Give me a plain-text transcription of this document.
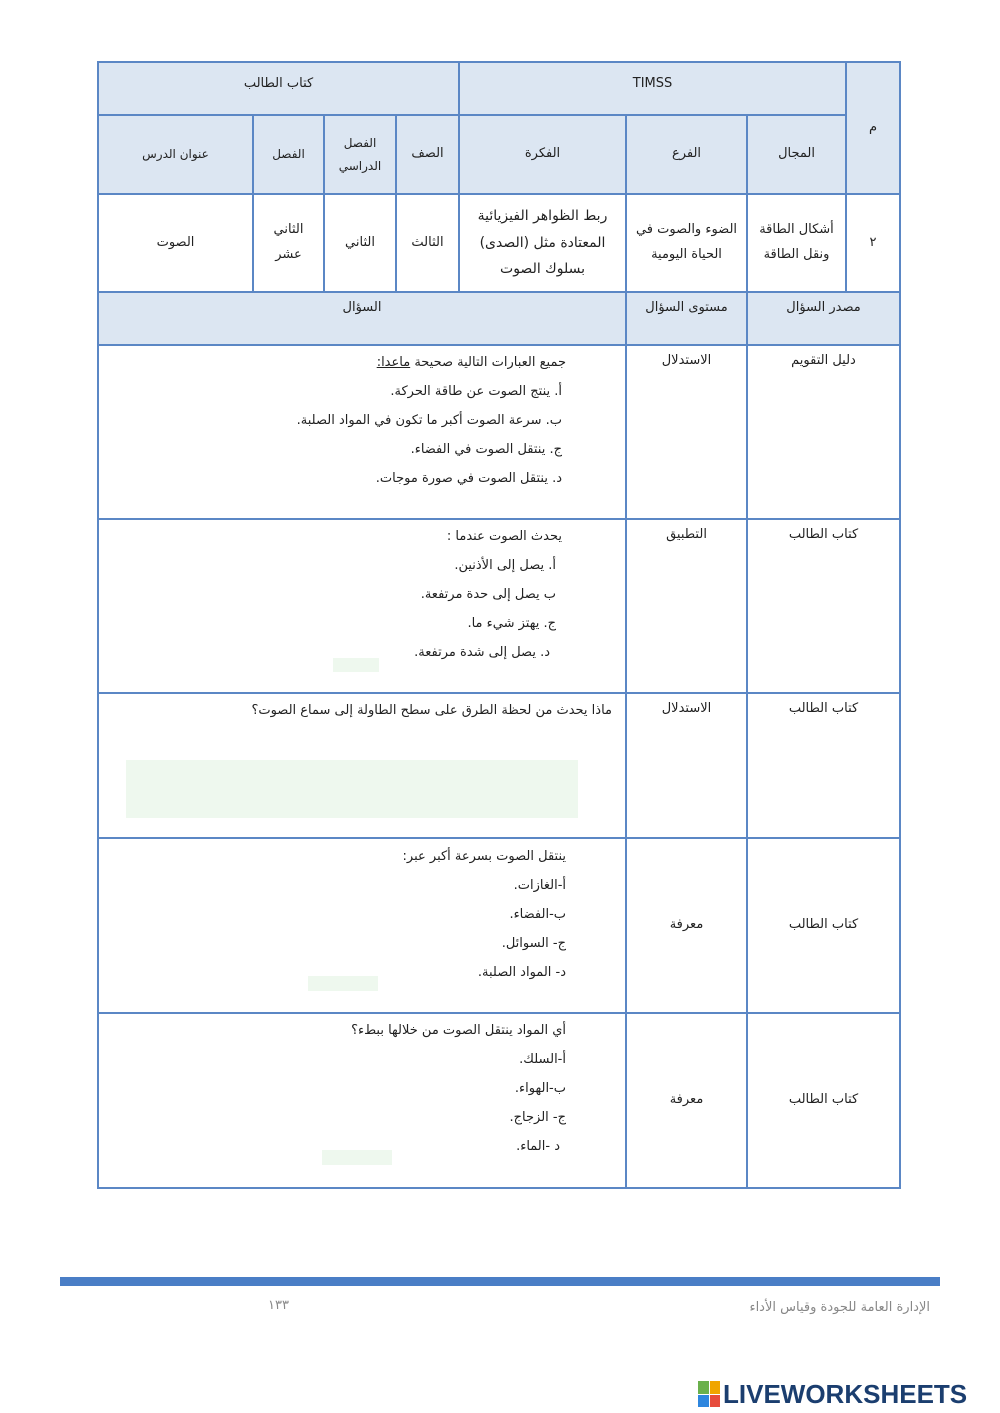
م
TIMSS
كتاب الطالب
المجال
الفرع
الفكرة
الصف
الفصل الدراسي
الفصل
عنوان الدرس
٢
أشكال الطاقة ونقل الطاقة
الضوء والصوت في الحياة اليومية
ربط الظواهر الفيزيائية المعتادة مثل (الصدى) بسلوك الصوت
الثالث
الثاني
الثاني عشر
الصوت
مصدر السؤال
مستوى السؤال
السؤال
دليل التقويم
الاستدلال
جميع العبارات التالية صحيحة ماعدا:
أ. ينتج الصوت عن طاقة الحركة.
ب. سرعة الصوت أكبر ما تكون في المواد الصلبة.
ج. ينتقل الصوت في الفضاء.
د. ينتقل الصوت في صورة موجات.
كتاب الطالب
التطبيق
يحدث الصوت عندما :
أ. يصل إلى الأذنين.
ب يصل إلى حدة مرتفعة.
ج. يهتز شيء ما.
د. يصل إلى شدة مرتفعة.
كتاب الطالب
الاستدلال
ماذا يحدث من لحظة الطرق على سطح الطاولة إلى سماع الصوت؟
كتاب الطالب
معرفة
ينتقل الصوت بسرعة أكبر عبر:
أ-الغازات.
ب-الفضاء.
ج- السوائل.
د- المواد الصلبة.
كتاب الطالب
معرفة
أي المواد ينتقل الصوت من خلالها ببطء؟
أ-السلك.
ب-الهواء.
ج- الزجاج.
د -الماء.
الإدارة العامة للجودة وقياس الأداء
١٣٣
LIVEWORKSHEETS
